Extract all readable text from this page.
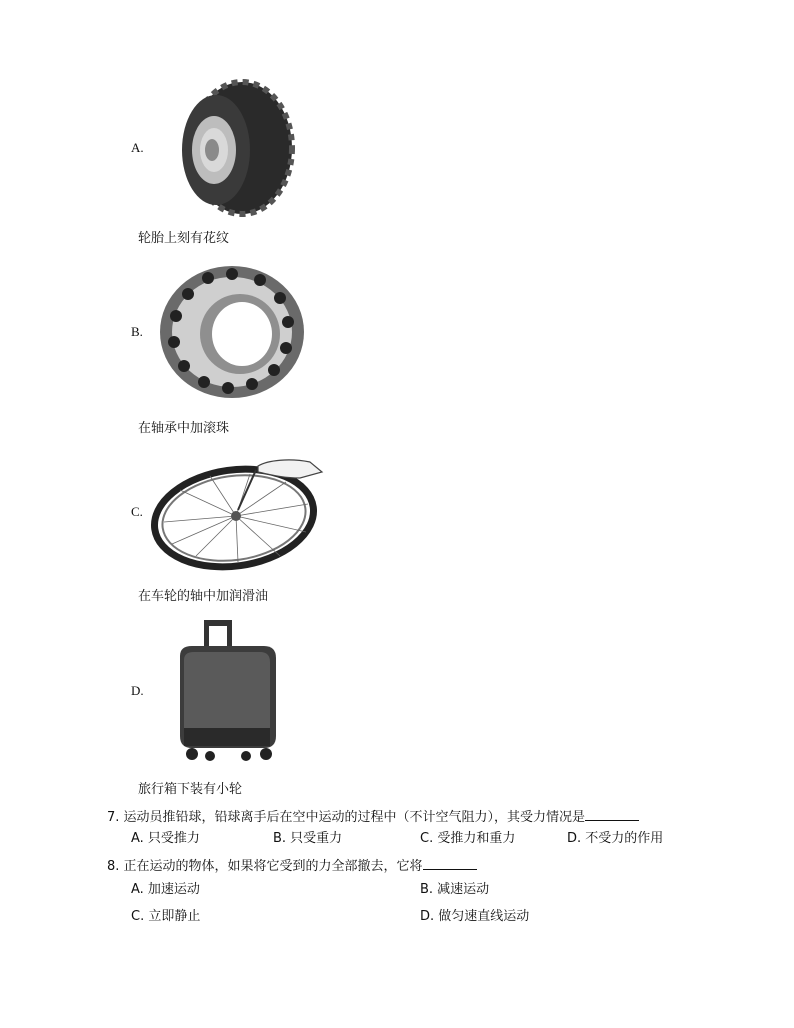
A.
轮胎上刻有花纹
B.
在轴承中加滚珠
C.
在车轮的轴中加润滑油
D.
旅行箱下装有小轮
7. 运动员推铅球，铅球离手后在空中运动的过程中（不计空气阻力），其受力情况是
A. 只受推力	B. 只受重力	C. 受推力和重力	D. 不受力的作用
8. 正在运动的物体，如果将它受到的力全部撤去，它将
A. 加速运动	B. 减速运动
C. 立即静止	D. 做匀速直线运动
